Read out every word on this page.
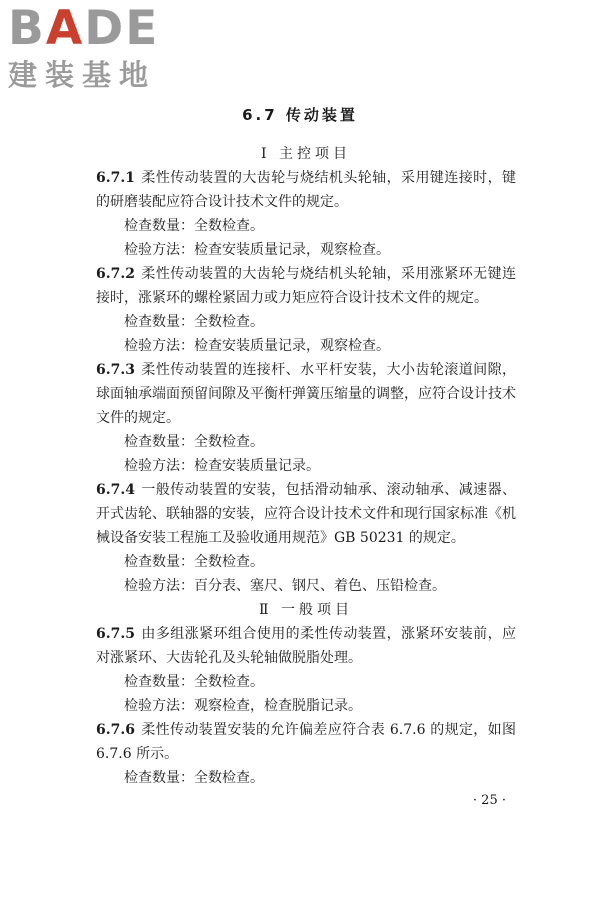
BADE
建装基地
6.7 传动装置

Ⅰ 主控项目

6.7.1 柔性传动装置的大齿轮与烧结机头轮轴，采用键连接时，键的研磨装配应符合设计技术文件的规定。

检查数量：全数检查。

检验方法：检查安装质量记录，观察检查。

6.7.2 柔性传动装置的大齿轮与烧结机头轮轴，采用涨紧环无键连接时，涨紧环的螺栓紧固力或力矩应符合设计技术文件的规定。

检查数量：全数检查。

检验方法：检查安装质量记录，观察检查。

6.7.3 柔性传动装置的连接杆、水平杆安装，大小齿轮滚道间隙，球面轴承端面预留间隙及平衡杆弹簧压缩量的调整，应符合设计技术文件的规定。

检查数量：全数检查。

检验方法：检查安装质量记录。

6.7.4 一般传动装置的安装，包括滑动轴承、滚动轴承、减速器、开式齿轮、联轴器的安装，应符合设计技术文件和现行国家标准《机械设备安装工程施工及验收通用规范》GB 50231 的规定。

检查数量：全数检查。

检验方法：百分表、塞尺、钢尺、着色、压铅检查。

Ⅱ 一般项目

6.7.5 由多组涨紧环组合使用的柔性传动装置，涨紧环安装前，应对涨紧环、大齿轮孔及头轮轴做脱脂处理。

检查数量：全数检查。

检验方法：观察检查，检查脱脂记录。

6.7.6 柔性传动装置安装的允许偏差应符合表 6.7.6 的规定，如图 6.7.6 所示。

检查数量：全数检查。

· 25 ·
